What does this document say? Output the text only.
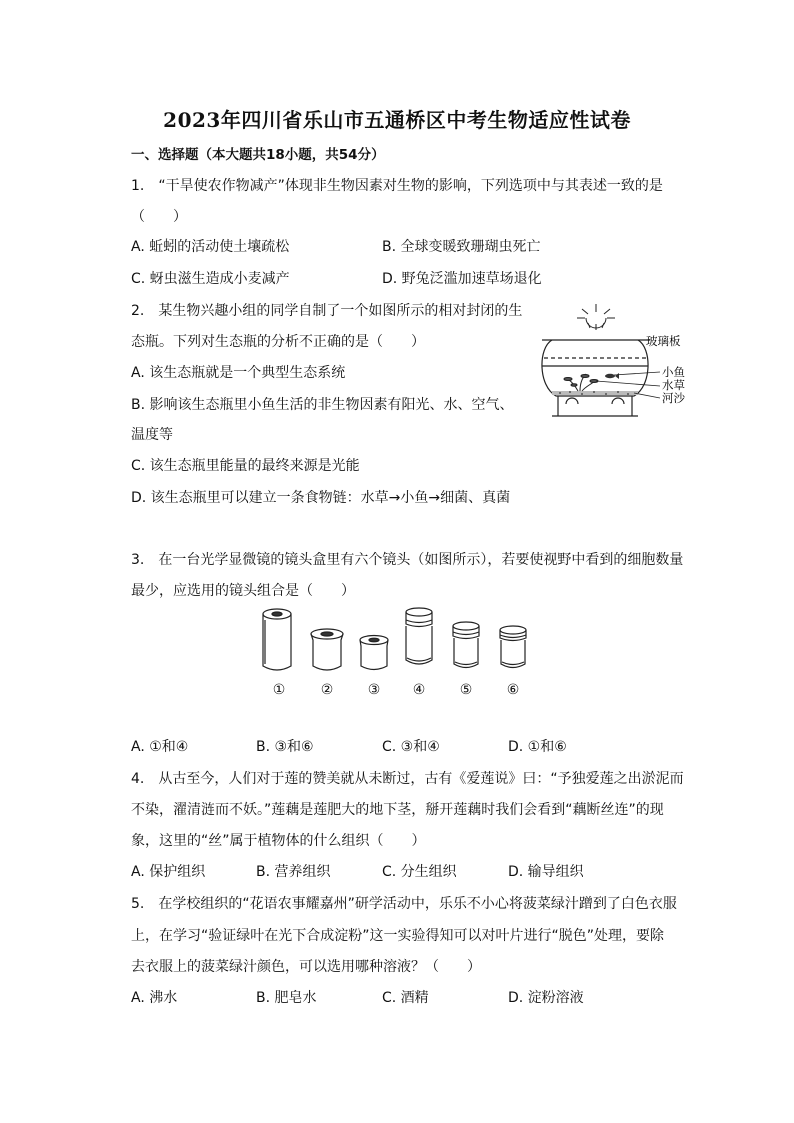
2023年四川省乐山市五通桥区中考生物适应性试卷
一、选择题（本大题共18小题，共54分）
1.　“干旱使农作物减产”体现非生物因素对生物的影响，下列选项中与其表述一致的是
（　　）
A. 蚯蚓的活动使土壤疏松	B. 全球变暖致珊瑚虫死亡
C. 蚜虫滋生造成小麦减产	D. 野兔泛滥加速草场退化
2.　某生物兴趣小组的同学自制了一个如图所示的相对封闭的生
态瓶。下列对生态瓶的分析不正确的是（　　）
A. 该生态瓶就是一个典型生态系统
B. 影响该生态瓶里小鱼生活的非生物因素有阳光、水、空气、
温度等
C. 该生态瓶里能量的最终来源是光能
D. 该生态瓶里可以建立一条食物链：水草→小鱼→细菌、真菌
玻璃板
小鱼
水草
河沙
3.　在一台光学显微镜的镜头盒里有六个镜头（如图所示），若要使视野中看到的细胞数量
最少，应选用的镜头组合是（　　）
①	② ③ ④ ⑤ ⑥
A. ①和④	B. ③和⑥	C. ③和④	D. ①和⑥
4.　从古至今，人们对于莲的赞美就从未断过，古有《爱莲说》曰：“予独爱莲之出淤泥而
不染，濯清涟而不妖。”莲藕是莲肥大的地下茎，掰开莲藕时我们会看到“藕断丝连”的现
象，这里的“丝”属于植物体的什么组织（　　）
A. 保护组织	B. 营养组织	C. 分生组织	D. 输导组织
5.　在学校组织的“花语农事耀嘉州”研学活动中，乐乐不小心将菠菜绿汁蹭到了白色衣服
上，在学习“验证绿叶在光下合成淀粉”这一实验得知可以对叶片进行“脱色”处理，要除
去衣服上的菠菜绿汁颜色，可以选用哪种溶液？（　　）
A. 沸水	B. 肥皂水	C. 酒精	D. 淀粉溶液
